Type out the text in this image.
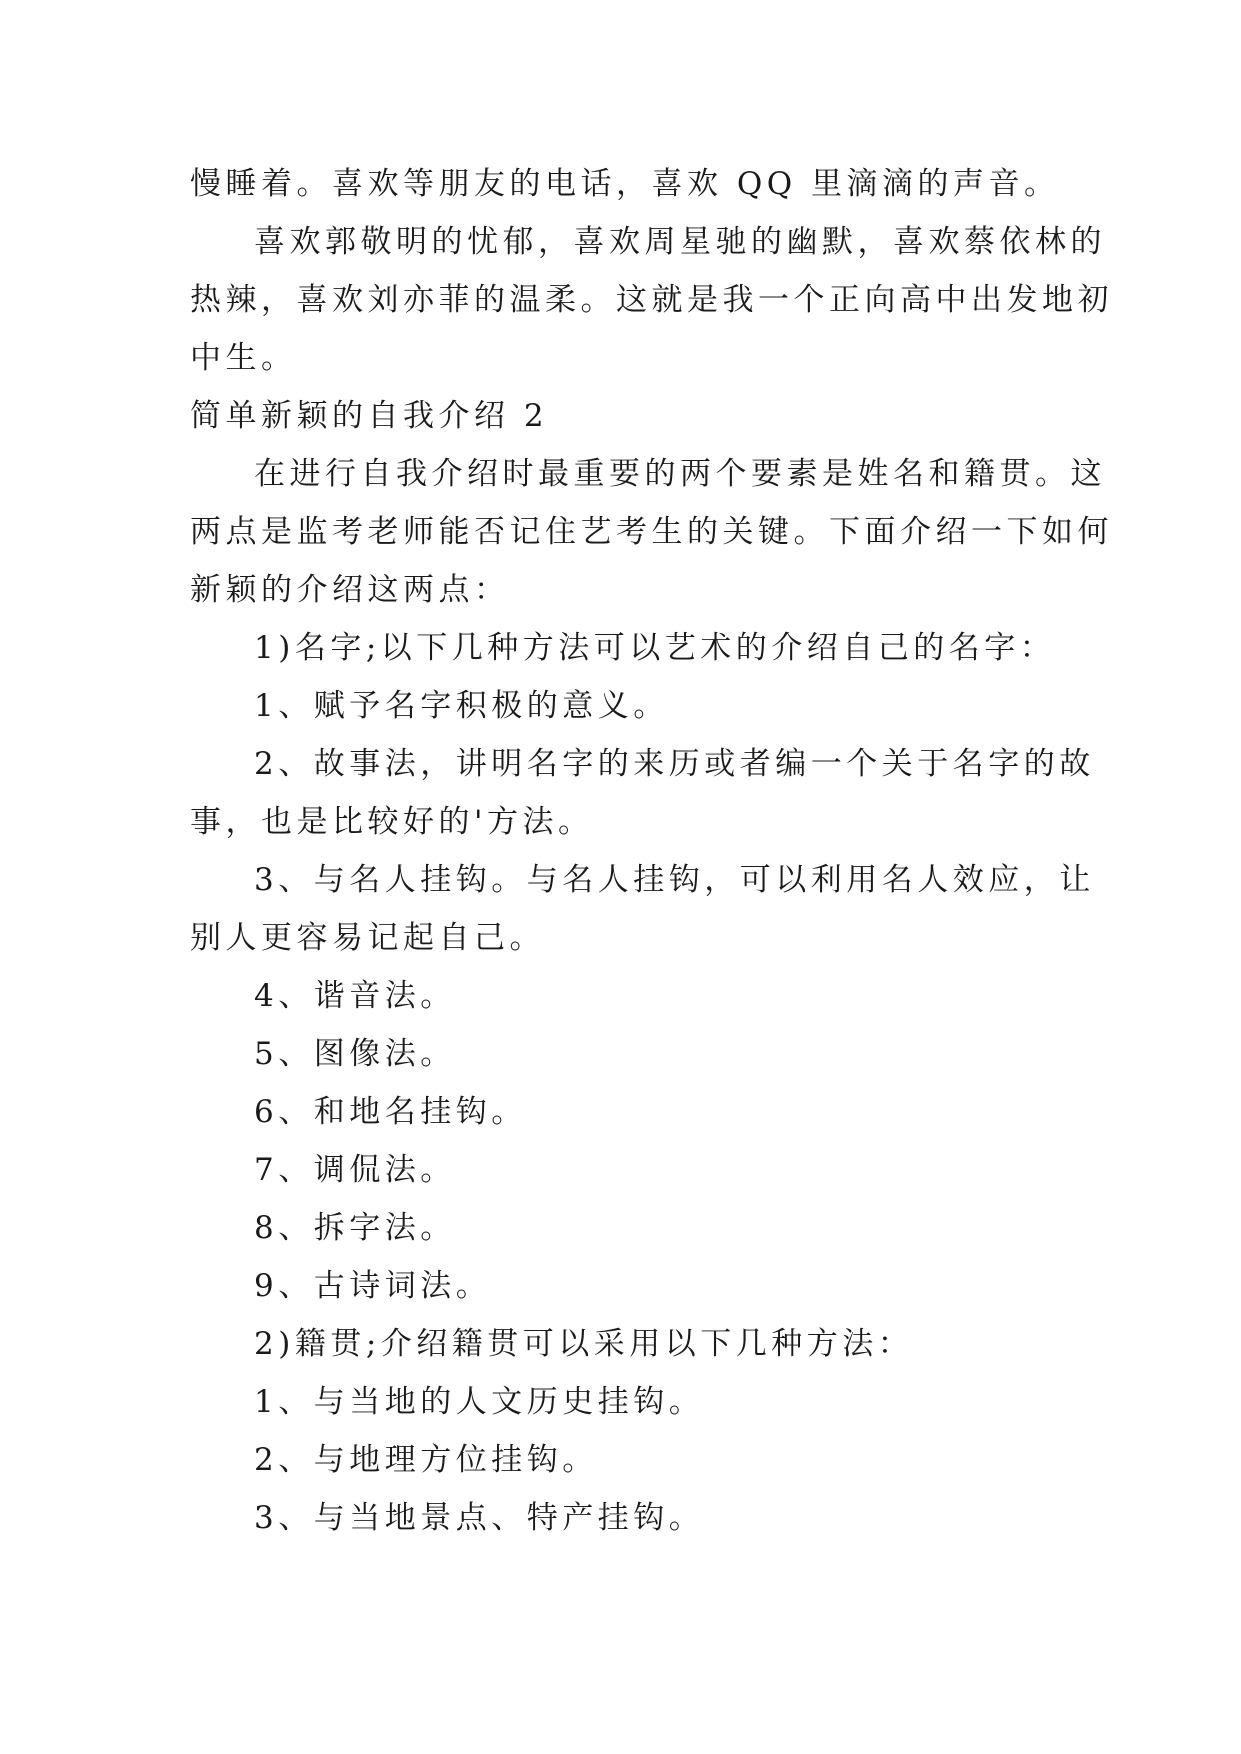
慢睡着。喜欢等朋友的电话，喜欢 QQ 里滴滴的声音。
喜欢郭敬明的忧郁，喜欢周星驰的幽默，喜欢蔡依林的
热辣，喜欢刘亦菲的温柔。这就是我一个正向高中出发地初
中生。
简单新颖的自我介绍 2
在进行自我介绍时最重要的两个要素是姓名和籍贯。这
两点是监考老师能否记住艺考生的关键。下面介绍一下如何
新颖的介绍这两点：
1)名字;以下几种方法可以艺术的介绍自己的名字：
1、赋予名字积极的意义。
2、故事法，讲明名字的来历或者编一个关于名字的故
事，也是比较好的'方法。
3、与名人挂钩。与名人挂钩，可以利用名人效应，让
别人更容易记起自己。
4、谐音法。
5、图像法。
6、和地名挂钩。
7、调侃法。
8、拆字法。
9、古诗词法。
2)籍贯;介绍籍贯可以采用以下几种方法：
1、与当地的人文历史挂钩。
2、与地理方位挂钩。
3、与当地景点、特产挂钩。
